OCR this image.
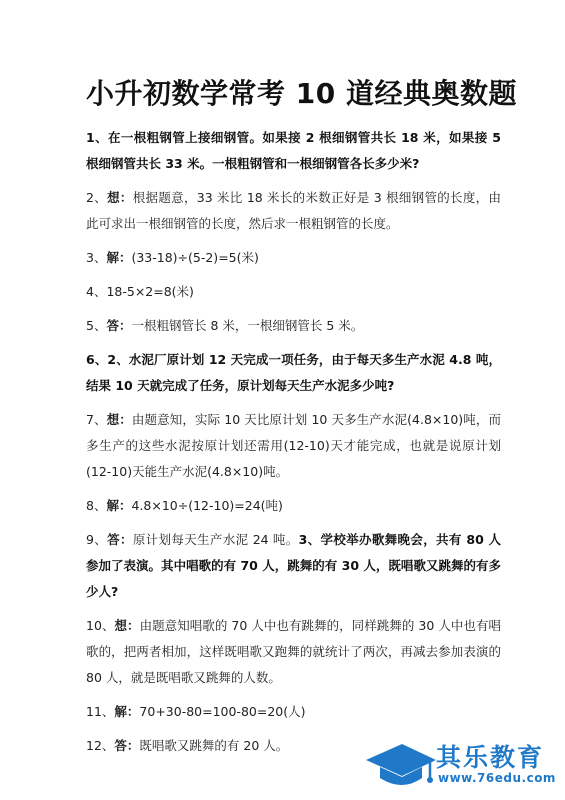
小升初数学常考 10 道经典奥数题

1、在一根粗钢管上接细钢管。如果接 2 根细钢管共长 18 米，如果接 5 根细钢管共长 33 米。一根粗钢管和一根细钢管各长多少米?

2、想：根据题意，33 米比 18 米长的米数正好是 3 根细钢管的长度，由此可求出一根细钢管的长度，然后求一根粗钢管的长度。

3、解：(33-18)÷(5-2)=5(米)

4、18-5×2=8(米)

5、答：一根粗钢管长 8 米，一根细钢管长 5 米。

6、2、水泥厂原计划 12 天完成一项任务，由于每天多生产水泥 4.8 吨，结果 10 天就完成了任务，原计划每天生产水泥多少吨?

7、想：由题意知，实际 10 天比原计划 10 天多生产水泥(4.8×10)吨，而多生产的这些水泥按原计划还需用(12-10)天才能完成，也就是说原计划(12-10)天能生产水泥(4.8×10)吨。

8、解：4.8×10÷(12-10)=24(吨)

9、答：原计划每天生产水泥 24 吨。3、学校举办歌舞晚会，共有 80 人参加了表演。其中唱歌的有 70 人，跳舞的有 30 人，既唱歌又跳舞的有多少人?

10、想：由题意知唱歌的 70 人中也有跳舞的，同样跳舞的 30 人中也有唱歌的，把两者相加，这样既唱歌又跑舞的就统计了两次，再减去参加表演的 80 人，就是既唱歌又跳舞的人数。

11、解：70+30-80=100-80=20(人)

12、答：既唱歌又跳舞的有 20 人。	其乐教育
www.76edu.com
